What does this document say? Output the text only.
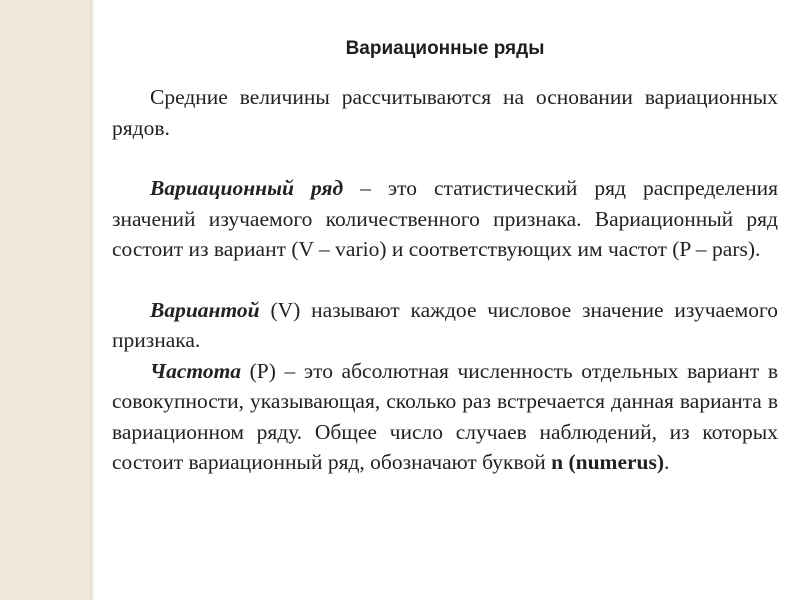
Вариационные ряды

Средние величины рассчитываются на основании вариационных рядов.

Вариационный ряд – это статистический ряд распределения значений изучаемого количественного признака. Вариационный ряд состоит из вариант (V – vario) и соответствующих им частот (P – pars).

Вариантой (V) называют каждое числовое значение изучаемого признака.

Частота (P) – это абсолютная численность отдельных вариант в совокупности, указывающая, сколько раз встречается данная варианта в вариационном ряду. Общее число случаев наблюдений, из которых состоит вариационный ряд, обозначают буквой n (numerus).
